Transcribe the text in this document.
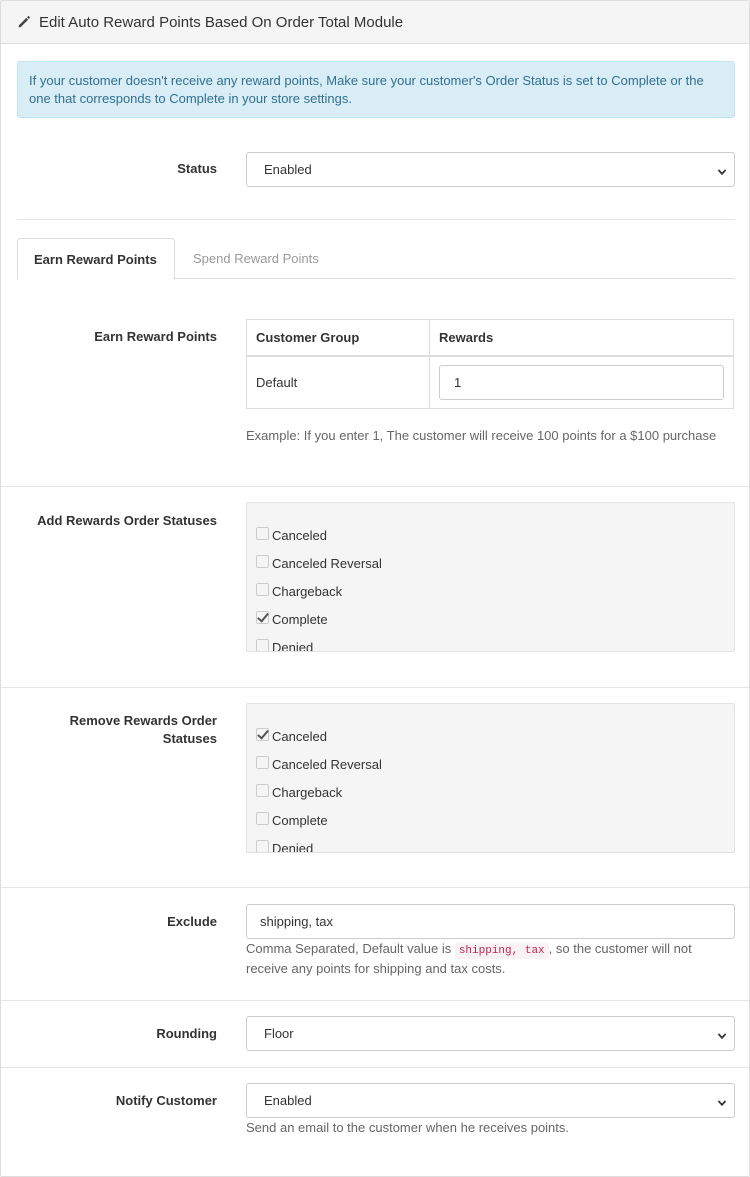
Edit Auto Reward Points Based On Order Total Module
If your customer doesn't receive any reward points, Make sure your customer's Order Status is set to Complete or the one that corresponds to Complete in your store settings.
Status	Enabled
Earn Reward Points	Spend Reward Points
Earn Reward Points	Customer Group	Rewards
Default	1
Example: If you enter 1, The customer will receive 100 points for a $100 purchase
Add Rewards Order Statuses
Canceled
Canceled Reversal
Chargeback
Complete
Denied
Remove Rewards Order Statuses	Canceled
Canceled Reversal
Chargeback
Complete
Denied
Exclude	shipping, tax
Comma Separated, Default value is shipping, tax , so the customer will not receive any points for shipping and tax costs.
Rounding	Floor
Notify Customer	Enabled
Send an email to the customer when he receives points.
